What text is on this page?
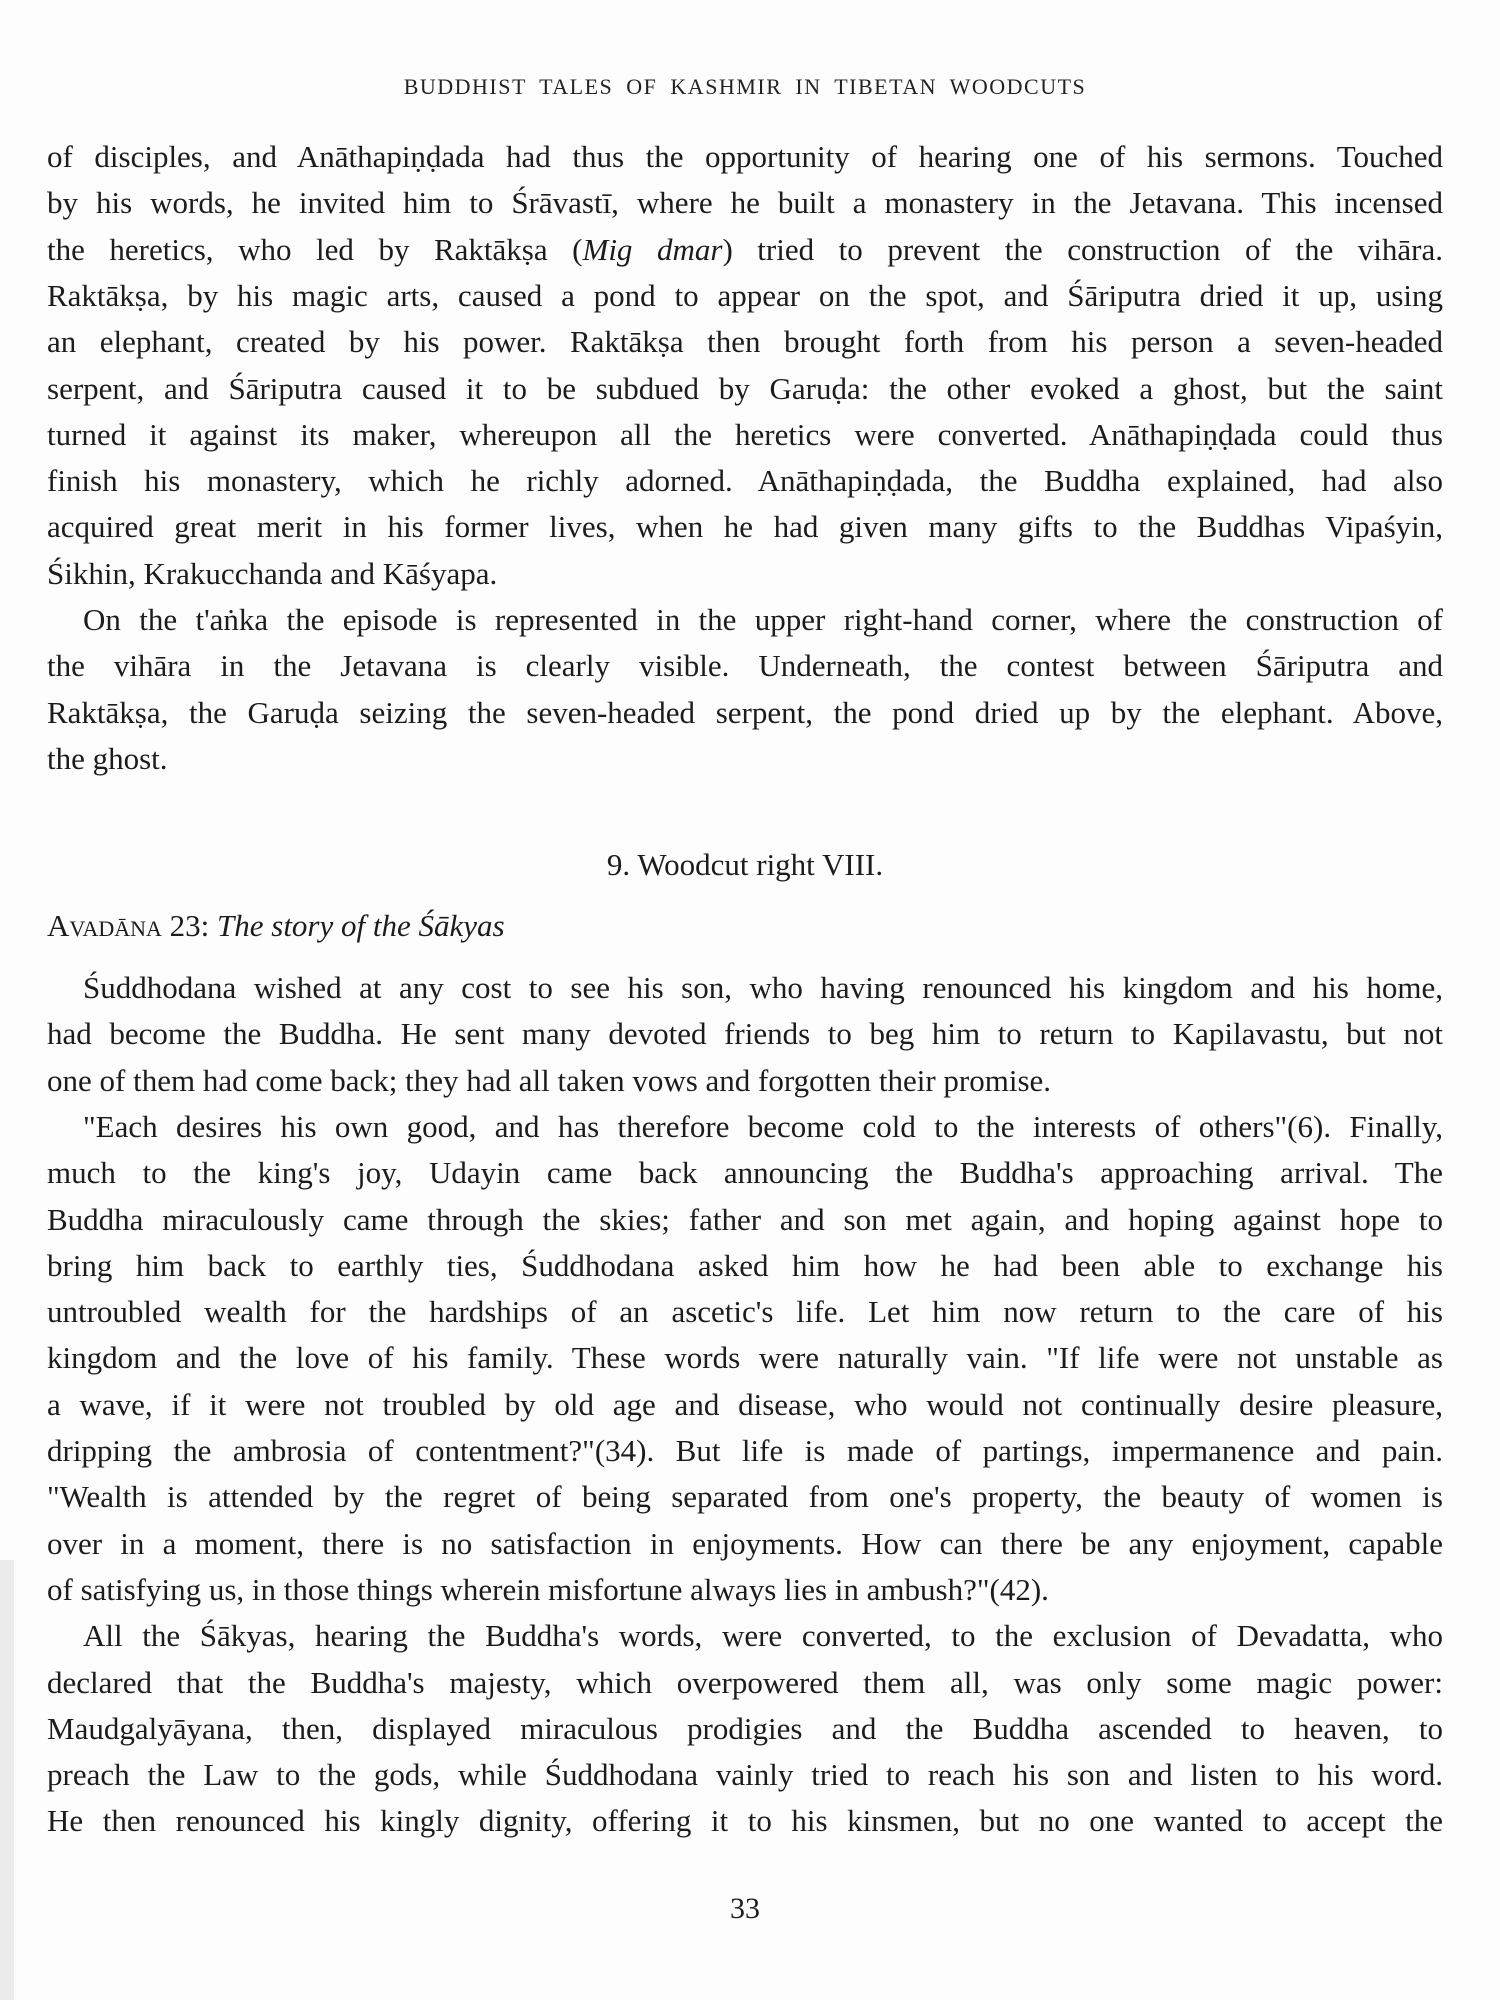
BUDDHIST TALES OF KASHMIR IN TIBETAN WOODCUTS
of disciples, and Anāthapiṇḍada had thus the opportunity of hearing one of his sermons. Touched
by his words, he invited him to Śrāvastī, where he built a monastery in the Jetavana. This incensed
the heretics, who led by Raktākṣa (Mig dmar) tried to prevent the construction of the vihāra.
Raktākṣa, by his magic arts, caused a pond to appear on the spot, and Śāriputra dried it up, using
an elephant, created by his power. Raktākṣa then brought forth from his person a seven-headed
serpent, and Śāriputra caused it to be subdued by Garuḍa: the other evoked a ghost, but the saint
turned it against its maker, whereupon all the heretics were converted. Anāthapiṇḍada could thus
finish his monastery, which he richly adorned. Anāthapiṇḍada, the Buddha explained, had also
acquired great merit in his former lives, when he had given many gifts to the Buddhas Vipaśyin,
Śikhin, Krakucchanda and Kāśyapa.
On the t'aṅka the episode is represented in the upper right-hand corner, where the construction of
the vihāra in the Jetavana is clearly visible. Underneath, the contest between Śāriputra and
Raktākṣa, the Garuḍa seizing the seven-headed serpent, the pond dried up by the elephant. Above,
the ghost.
9. Woodcut right VIII.
Avadāna 23: The story of the Śākyas
Śuddhodana wished at any cost to see his son, who having renounced his kingdom and his home,
had become the Buddha. He sent many devoted friends to beg him to return to Kapilavastu, but not
one of them had come back; they had all taken vows and forgotten their promise.
"Each desires his own good, and has therefore become cold to the interests of others"(6). Finally,
much to the king's joy, Udayin came back announcing the Buddha's approaching arrival. The
Buddha miraculously came through the skies; father and son met again, and hoping against hope to
bring him back to earthly ties, Śuddhodana asked him how he had been able to exchange his
untroubled wealth for the hardships of an ascetic's life. Let him now return to the care of his
kingdom and the love of his family. These words were naturally vain. "If life were not unstable as
a wave, if it were not troubled by old age and disease, who would not continually desire pleasure,
dripping the ambrosia of contentment?"(34). But life is made of partings, impermanence and pain.
"Wealth is attended by the regret of being separated from one's property, the beauty of women is
over in a moment, there is no satisfaction in enjoyments. How can there be any enjoyment, capable
of satisfying us, in those things wherein misfortune always lies in ambush?"(42).
All the Śākyas, hearing the Buddha's words, were converted, to the exclusion of Devadatta, who
declared that the Buddha's majesty, which overpowered them all, was only some magic power:
Maudgalyāyana, then, displayed miraculous prodigies and the Buddha ascended to heaven, to
preach the Law to the gods, while Śuddhodana vainly tried to reach his son and listen to his word.
He then renounced his kingly dignity, offering it to his kinsmen, but no one wanted to accept the
33
